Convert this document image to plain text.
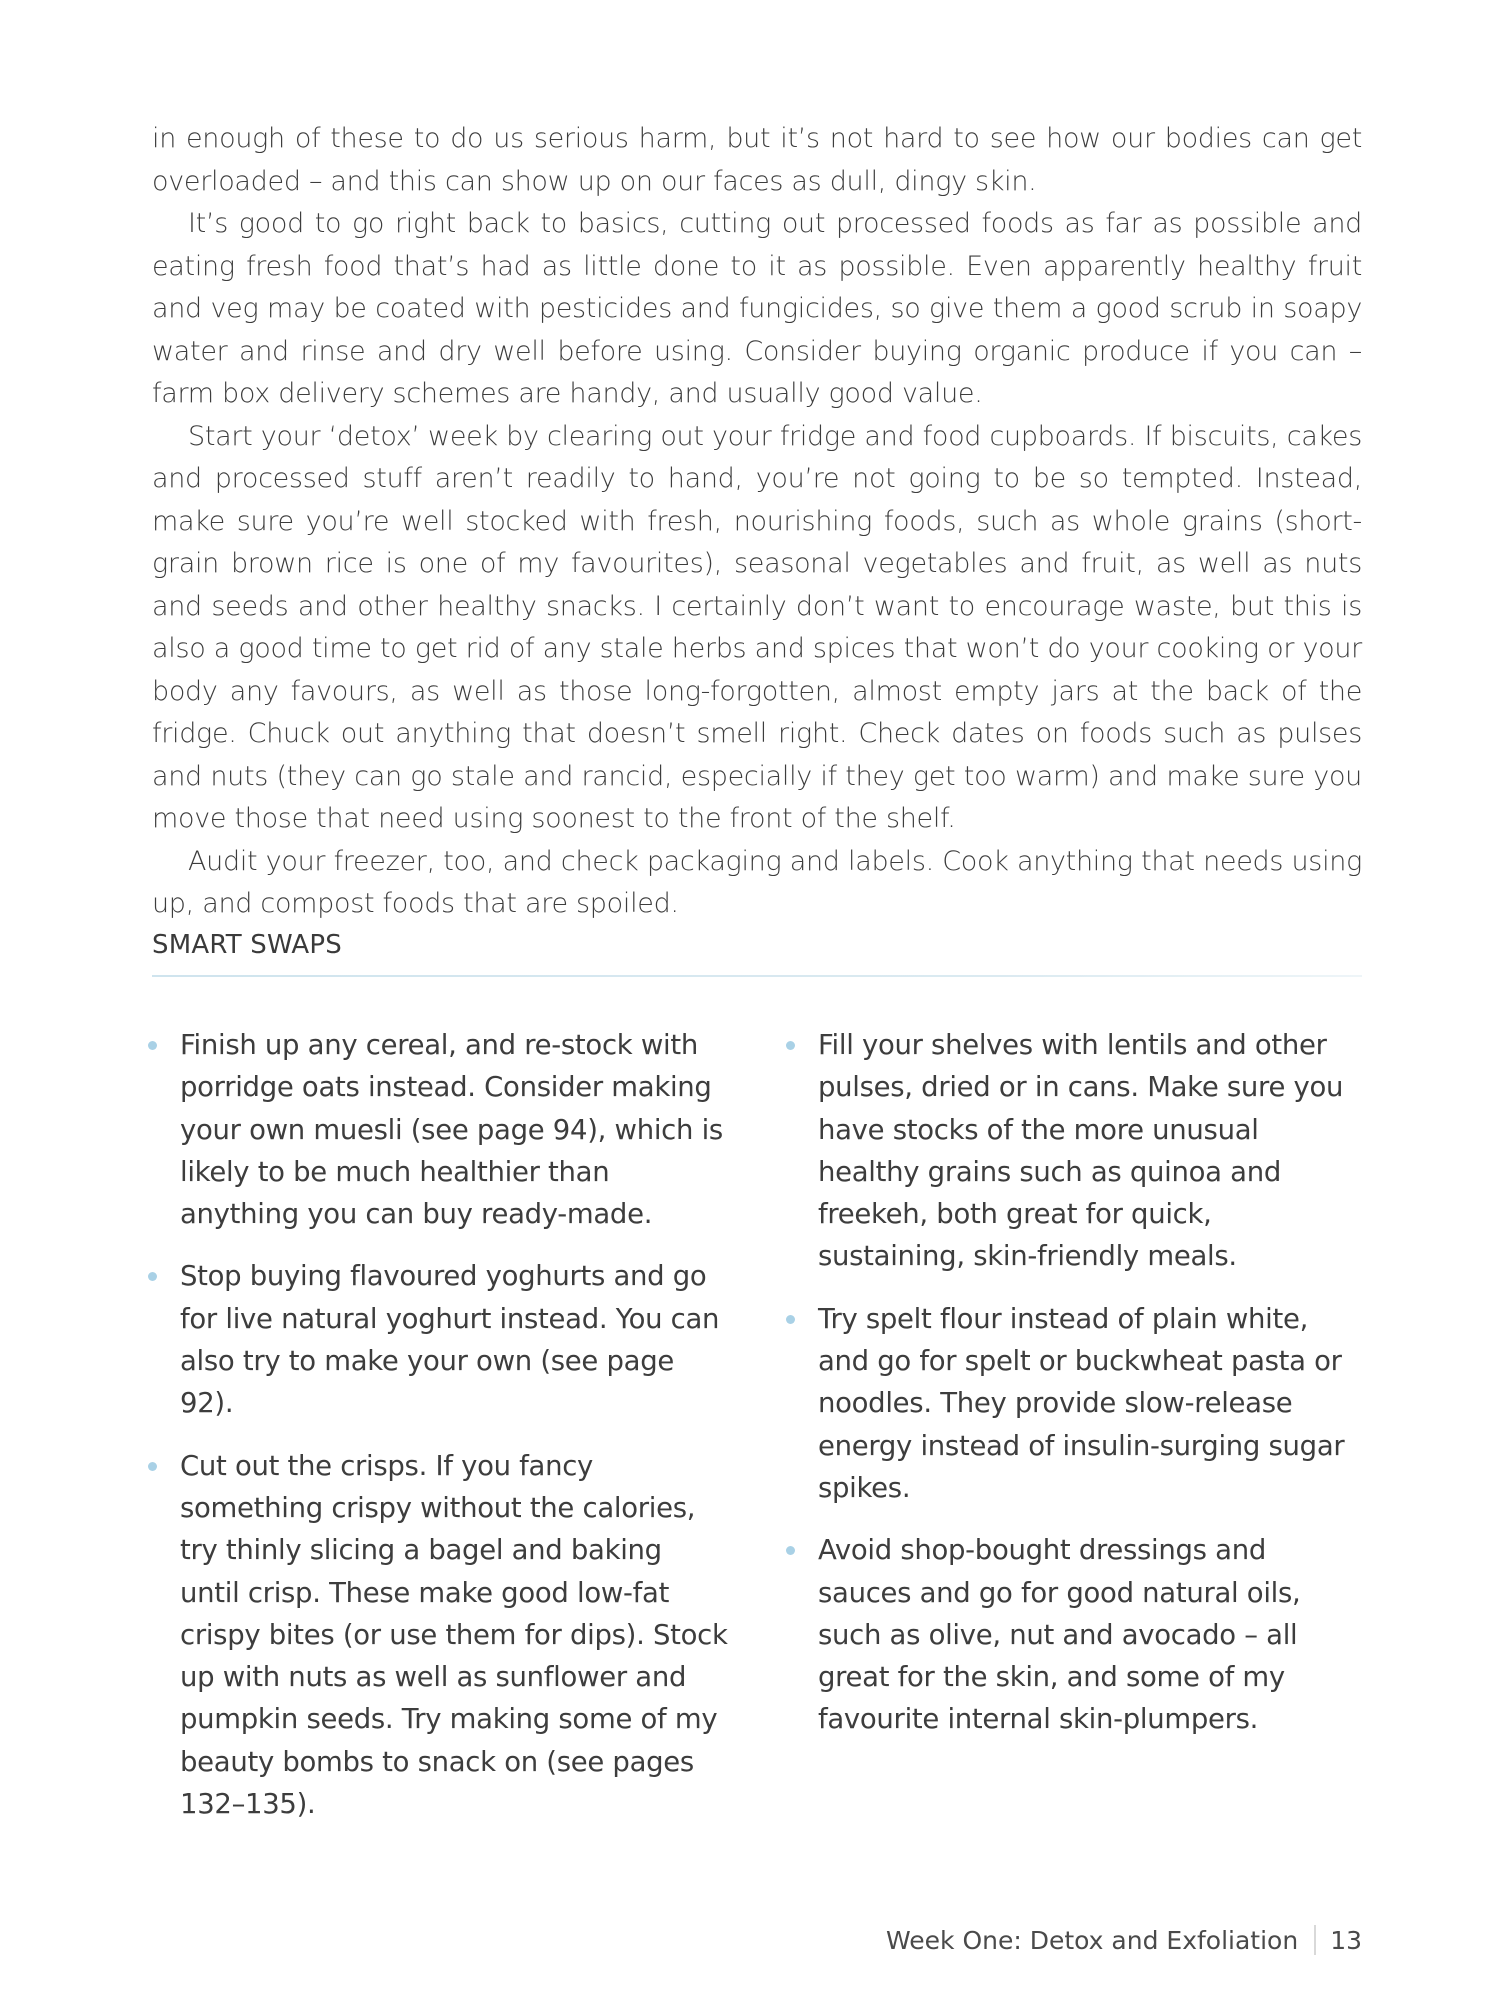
in enough of these to do us serious harm, but it’s not hard to see how our bodies can get overloaded – and this can show up on our faces as dull, dingy skin.

It’s good to go right back to basics, cutting out processed foods as far as possible and eating fresh food that’s had as little done to it as possible. Even apparently healthy fruit and veg may be coated with pesticides and fungicides, so give them a good scrub in soapy water and rinse and dry well before using. Consider buying organic produce if you can – farm box delivery schemes are handy, and usually good value.

Start your ‘detox’ week by clearing out your fridge and food cupboards. If biscuits, cakes and processed stuff aren’t readily to hand, you’re not going to be so tempted. Instead, make sure you’re well stocked with fresh, nourishing foods, such as whole grains (short-grain brown rice is one of my favourites), seasonal vegetables and fruit, as well as nuts and seeds and other healthy snacks. I certainly don’t want to encourage waste, but this is also a good time to get rid of any stale herbs and spices that won’t do your cooking or your body any favours, as well as those long-forgotten, almost empty jars at the back of the fridge. Chuck out anything that doesn’t smell right. Check dates on foods such as pulses and nuts (they can go stale and rancid, especially if they get too warm) and make sure you move those that need using soonest to the front of the shelf.

Audit your freezer, too, and check packaging and labels. Cook anything that needs using up, and compost foods that are spoiled.

SMART SWAPS
Finish up any cereal, and re-stock with porridge oats instead. Consider making your own muesli (see page 94), which is likely to be much healthier than anything you can buy ready-made.
Stop buying flavoured yoghurts and go for live natural yoghurt instead. You can also try to make your own (see page 92).
Cut out the crisps. If you fancy something crispy without the calories, try thinly slicing a bagel and baking until crisp. These make good low-fat crispy bites (or use them for dips). Stock up with nuts as well as sunflower and pumpkin seeds. Try making some of my beauty bombs to snack on (see pages 132–135).
Fill your shelves with lentils and other pulses, dried or in cans. Make sure you have stocks of the more unusual healthy grains such as quinoa and freekeh, both great for quick, sustaining, skin-friendly meals.
Try spelt flour instead of plain white, and go for spelt or buckwheat pasta or noodles. They provide slow-release energy instead of insulin-surging sugar spikes.
Avoid shop-bought dressings and sauces and go for good natural oils, such as olive, nut and avocado – all great for the skin, and some of my favourite internal skin-plumpers.
Week One: Detox and Exfoliation 13
